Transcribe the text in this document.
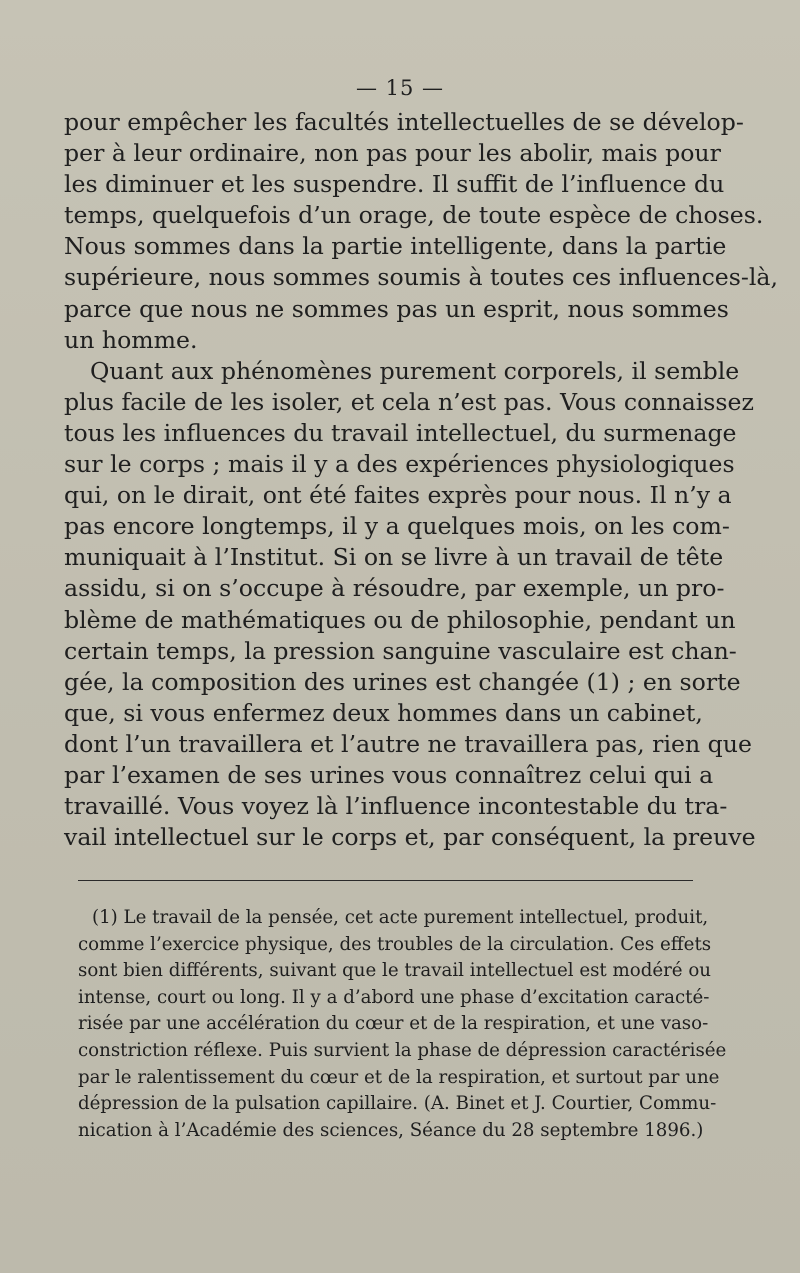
— 15 —
pour empêcher les facultés intellectuelles de se dévelop-
per à leur ordinaire, non pas pour les abolir, mais pour
les diminuer et les suspendre. Il suffit de l’influence du
temps, quelquefois d’un orage, de toute espèce de choses.
Nous sommes dans la partie intelligente, dans la partie
supérieure, nous sommes soumis à toutes ces influences-là,
parce que nous ne sommes pas un esprit, nous sommes
un homme.
Quant aux phénomènes purement corporels, il semble
plus facile de les isoler, et cela n’est pas. Vous connaissez
tous les influences du travail intellectuel, du surmenage
sur le corps ; mais il y a des expériences physiologiques
qui, on le dirait, ont été faites exprès pour nous. Il n’y a
pas encore longtemps, il y a quelques mois, on les com-
muniquait à l’Institut. Si on se livre à un travail de tête
assidu, si on s’occupe à résoudre, par exemple, un pro-
blème de mathématiques ou de philosophie, pendant un
certain temps, la pression sanguine vasculaire est chan-
gée, la composition des urines est changée (1) ; en sorte
que, si vous enfermez deux hommes dans un cabinet,
dont l’un travaillera et l’autre ne travaillera pas, rien que
par l’examen de ses urines vous connaîtrez celui qui a
travaillé. Vous voyez là l’influence incontestable du tra-
vail intellectuel sur le corps et, par conséquent, la preuve
(1) Le travail de la pensée, cet acte purement intellectuel, produit,
comme l’exercice physique, des troubles de la circulation. Ces effets
sont bien différents, suivant que le travail intellectuel est modéré ou
intense, court ou long. Il y a d’abord une phase d’excitation caracté-
risée par une accélération du cœur et de la respiration, et une vaso-
constriction réflexe. Puis survient la phase de dépression caractérisée
par le ralentissement du cœur et de la respiration, et surtout par une
dépression de la pulsation capillaire. (A. Binet et J. Courtier, Commu-
nication à l’Académie des sciences, Séance du 28 septembre 1896.)
